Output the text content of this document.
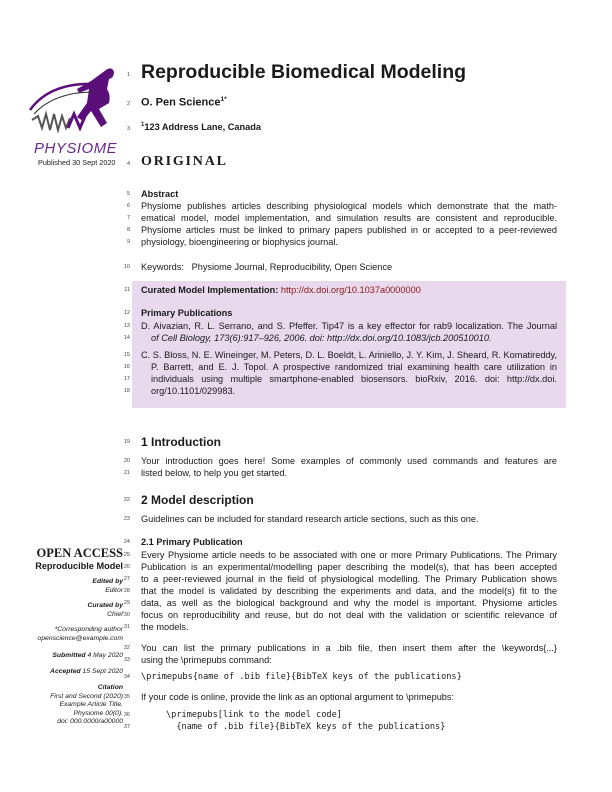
PHYSIOME
Published 30 Sept 2020
1
2
3
4
5
6
7
8
9
10
11
12
13
14
15
16
17
18
19
20
21
22
23
24
25
26
27
28
29
30
31
32
33
34
35
36
37
Reproducible Biomedical Modeling
O. Pen Science$^{1*}$
$^1$123 Address Lane, Canada
ORIGINAL
Abstract
Physiome publishes articles describing physiological models which demonstrate that the math-
ematical model, model implementation, and simulation results are consistent and reproducible.
Physiome articles must be linked to primary papers published in or accepted to a peer-reviewed
physiology, bioengineering or biophysics journal.
Keywords: Physiome Journal, Reproducibility, Open Science
Curated Model Implementation: http://dx.doi.org/10.1037a0000000
Primary Publications
D. Aivazian, R. L. Serrano, and S. Pfeffer. Tip47 is a key effector for rab9 localization. The Journal
of Cell Biology, 173(6):917–926, 2006. doi: http://dx.doi.org/10.1083/jcb.200510010.
C. S. Bloss, N. E. Wineinger, M. Peters, D. L. Boeldt, L. Ariniello, J. Y. Kim, J. Sheard, R. Komatireddy,
P. Barrett, and E. J. Topol. A prospective randomized trial examining health care utilization in
individuals using multiple smartphone-enabled biosensors. bioRxiv, 2016. doi: http://dx.doi.
org/10.1101/029983.
1 Introduction
Your introduction goes here! Some examples of commonly used commands and features are
listed below, to help you get started.
2 Model description
Guidelines can be included for standard research article sections, such as this one.
2.1 Primary Publication
Every Physiome article needs to be associated with one or more Primary Publications. The Primary
Publication is an experimental/modelling paper describing the model(s), that has been accepted
to a peer-reviewed journal in the field of physiological modelling. The Primary Publication shows
that the model is validated by describing the experiments and data, and the model(s) fit to the
data, as well as the biological background and why the model is important. Physiome articles
focus on reproducibility and reuse, but do not deal with the validation or scientific relevance of
the models.
You can list the primary publications in a .bib file, then insert them after the \keywords{...}
using the \primepubs command:
\primepubs{name of .bib file}{BibTeX keys of the publications}
If your code is online, provide the link as an optional argument to \primepubs:
\primepubs[link to the model code]
{name of .bib file}{BibTeX keys of the publications}
OPEN ACCESS
Reproducible Model
Edited by
Editor
Curated by
Chief
*Corresponding author
openscience@example.com
Submitted 4 May 2020
Accepted 15 Sept 2020
Citation
First and Second (2020)
Example Article Title.
Physiome 00(0).
doi: 000.0000/a00000
